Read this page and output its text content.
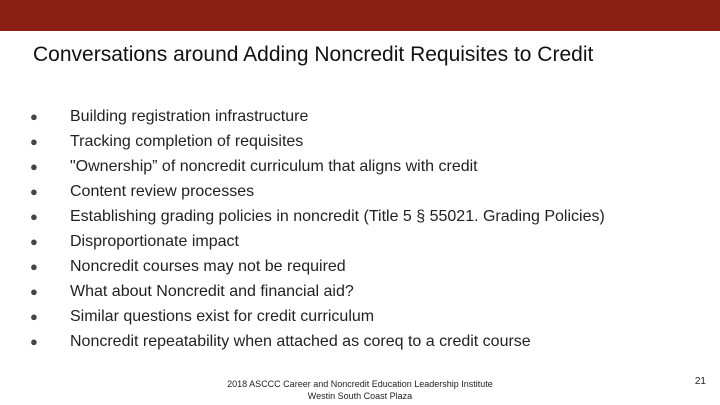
Conversations around Adding Noncredit Requisites to Credit
●	Building registration infrastructure
●	Tracking completion of requisites
●	"Ownership” of noncredit curriculum that aligns with credit
●	Content review processes
●	Establishing grading policies in noncredit (Title 5 § 55021. Grading Policies)
●	Disproportionate impact
●	Noncredit courses may not be required
●	What about Noncredit and financial aid?
●	Similar questions exist for credit curriculum
●	Noncredit repeatability when attached as coreq to a credit course
2018 ASCCC Career and Noncredit Education Leadership Institute
Westin South Coast Plaza
21
